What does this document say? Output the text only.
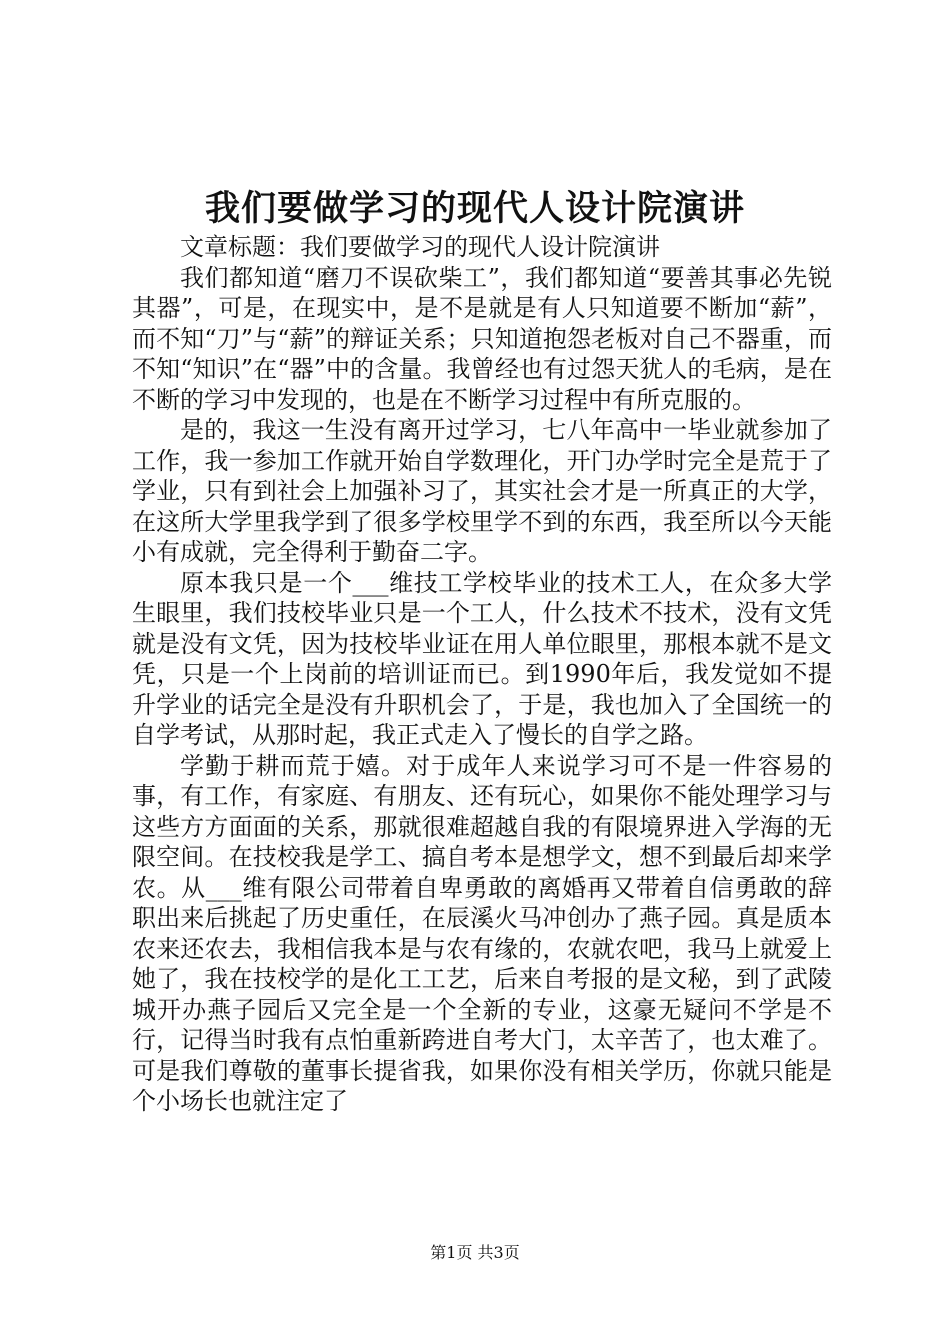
我们要做学习的现代人设计院演讲

文章标题：我们要做学习的现代人设计院演讲

我们都知道“磨刀不误砍柴工”，我们都知道“要善其事必先锐其器”，可是，在现实中，是不是就是有人只知道要不断加“薪”，而不知“刀”与“薪”的辩证关系；只知道抱怨老板对自己不器重，而不知“知识”在“器”中的含量。我曾经也有过怨天犹人的毛病，是在不断的学习中发现的，也是在不断学习过程中有所克服的。

是的，我这一生没有离开过学习，七八年高中一毕业就参加了工作，我一参加工作就开始自学数理化，开门办学时完全是荒于了学业，只有到社会上加强补习了，其实社会才是一所真正的大学，在这所大学里我学到了很多学校里学不到的东西，我至所以今天能小有成就，完全得利于勤奋二字。

原本我只是一个___维技工学校毕业的技术工人，在众多大学生眼里，我们技校毕业只是一个工人，什么技术不技术，没有文凭就是没有文凭，因为技校毕业证在用人单位眼里，那根本就不是文凭，只是一个上岗前的培训证而已。到1990年后，我发觉如不提升学业的话完全是没有升职机会了，于是，我也加入了全国统一的自学考试，从那时起，我正式走入了慢长的自学之路。

学勤于耕而荒于嬉。对于成年人来说学习可不是一件容易的事，有工作，有家庭、有朋友、还有玩心，如果你不能处理学习与这些方方面面的关系，那就很难超越自我的有限境界进入学海的无限空间。在技校我是学工、搞自考本是想学文，想不到最后却来学农。从___维有限公司带着自卑勇敢的离婚再又带着自信勇敢的辞职出来后挑起了历史重任，在辰溪火马冲创办了燕子园。真是质本农来还农去，我相信我本是与农有缘的，农就农吧，我马上就爱上她了，我在技校学的是化工工艺，后来自考报的是文秘，到了武陵城开办燕子园后又完全是一个全新的专业，这豪无疑问不学是不行，记得当时我有点怕重新跨进自考大门，太辛苦了，也太难了。可是我们尊敬的董事长提省我，如果你没有相关学历，你就只能是个小场长也就注定了

第1页 共3页
